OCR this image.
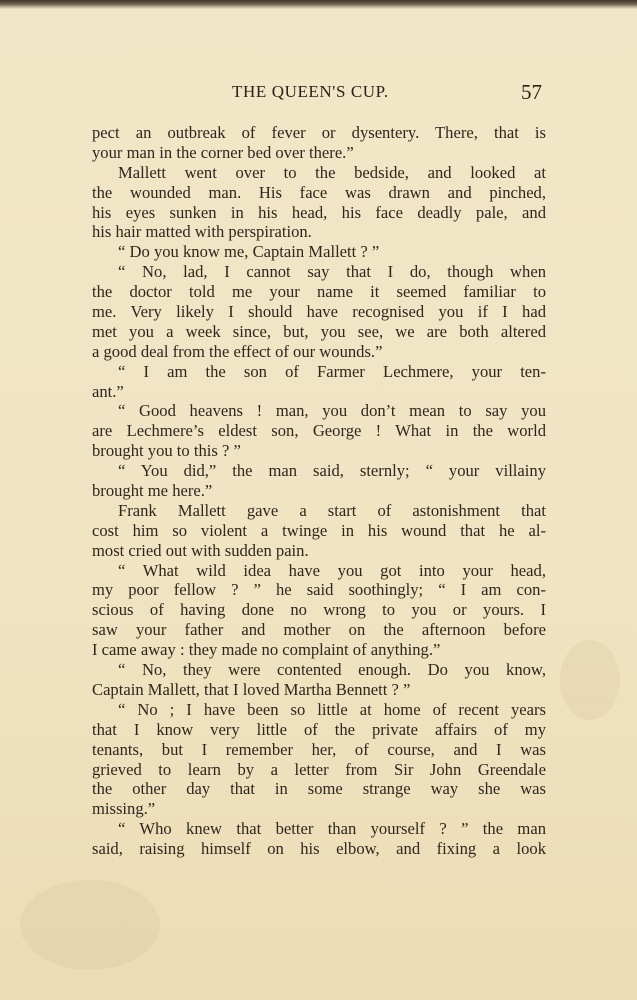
THE QUEEN'S CUP.	57
pect an outbreak of fever or dysentery. There, that is
your man in the corner bed over there.”
Mallett went over to the bedside, and looked at
the wounded man. His face was drawn and pinched,
his eyes sunken in his head, his face deadly pale, and
his hair matted with perspiration.
“ Do you know me, Captain Mallett ? ”
“ No, lad, I cannot say that I do, though when
the doctor told me your name it seemed familiar to
me. Very likely I should have recognised you if I had
met you a week since, but, you see, we are both altered
a good deal from the effect of our wounds.”
“ I am the son of Farmer Lechmere, your ten-
ant.”
“ Good heavens ! man, you don’t mean to say you
are Lechmere’s eldest son, George ! What in the world
brought you to this ? ”
“ You did,” the man said, sternly; “ your villainy
brought me here.”
Frank Mallett gave a start of astonishment that
cost him so violent a twinge in his wound that he al-
most cried out with sudden pain.
“ What wild idea have you got into your head,
my poor fellow ? ” he said soothingly; “ I am con-
scious of having done no wrong to you or yours. I
saw your father and mother on the afternoon before
I came away : they made no complaint of anything.”
“ No, they were contented enough. Do you know,
Captain Mallett, that I loved Martha Bennett ? ”
“ No ; I have been so little at home of recent years
that I know very little of the private affairs of my
tenants, but I remember her, of course, and I was
grieved to learn by a letter from Sir John Greendale
the other day that in some strange way she was
missing.”
“ Who knew that better than yourself ? ” the man
said, raising himself on his elbow, and fixing a look
